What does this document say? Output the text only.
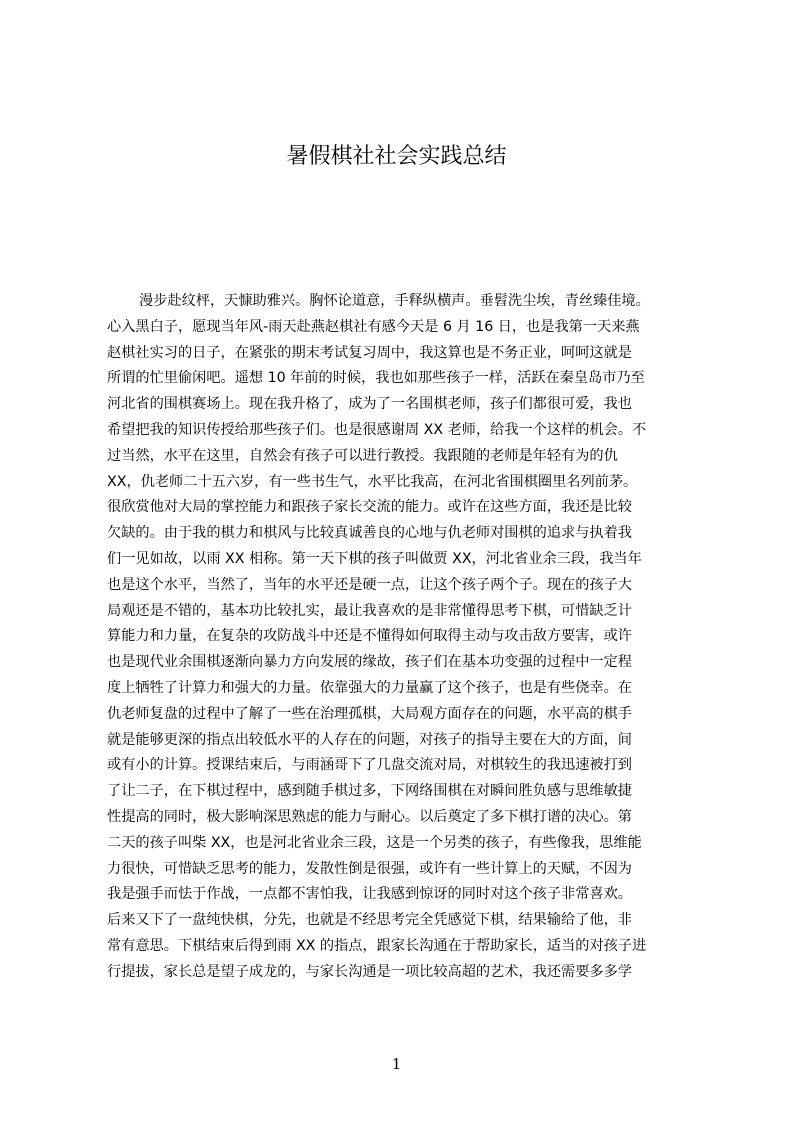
暑假棋社社会实践总结
漫步赴纹枰，天慷助雅兴。胸怀论道意，手释纵横声。垂髫洗尘埃，青丝臻佳境。
心入黑白子，愿现当年风-雨天赴燕赵棋社有感今天是 6 月 16 日，也是我第一天来燕
赵棋社实习的日子，在紧张的期末考试复习周中，我这算也是不务正业，呵呵这就是
所谓的忙里偷闲吧。遥想 10 年前的时候，我也如那些孩子一样，活跃在秦皇岛市乃至
河北省的围棋赛场上。现在我升格了，成为了一名围棋老师，孩子们都很可爱，我也
希望把我的知识传授给那些孩子们。也是很感谢周 XX 老师，给我一个这样的机会。不
过当然，水平在这里，自然会有孩子可以进行教授。我跟随的老师是年轻有为的仇
XX，仇老师二十五六岁，有一些书生气，水平比我高，在河北省围棋圈里名列前茅。
很欣赏他对大局的掌控能力和跟孩子家长交流的能力。或许在这些方面，我还是比较
欠缺的。由于我的棋力和棋风与比较真诚善良的心地与仇老师对围棋的追求与执着我
们一见如故，以雨 XX 相称。第一天下棋的孩子叫做贾 XX，河北省业余三段，我当年
也是这个水平，当然了，当年的水平还是硬一点，让这个孩子两个子。现在的孩子大
局观还是不错的，基本功比较扎实，最让我喜欢的是非常懂得思考下棋，可惜缺乏计
算能力和力量，在复杂的攻防战斗中还是不懂得如何取得主动与攻击敌方要害，或许
也是现代业余围棋逐渐向暴力方向发展的缘故，孩子们在基本功变强的过程中一定程
度上牺牲了计算力和强大的力量。依靠强大的力量赢了这个孩子，也是有些侥幸。在
仇老师复盘的过程中了解了一些在治理孤棋，大局观方面存在的问题，水平高的棋手
就是能够更深的指点出较低水平的人存在的问题，对孩子的指导主要在大的方面，间
或有小的计算。授课结束后，与雨涵哥下了几盘交流对局，对棋较生的我迅速被打到
了让二子，在下棋过程中，感到随手棋过多，下网络围棋在对瞬间胜负感与思维敏捷
性提高的同时，极大影响深思熟虑的能力与耐心。以后奠定了多下棋打谱的决心。第
二天的孩子叫柴 XX，也是河北省业余三段，这是一个另类的孩子，有些像我，思维能
力很快，可惜缺乏思考的能力，发散性倒是很强，或许有一些计算上的天赋，不因为
我是强手而怯于作战，一点都不害怕我，让我感到惊讶的同时对这个孩子非常喜欢。
后来又下了一盘纯快棋，分先，也就是不经思考完全凭感觉下棋，结果输给了他，非
常有意思。下棋结束后得到雨 XX 的指点，跟家长沟通在于帮助家长，适当的对孩子进
行提拔，家长总是望子成龙的，与家长沟通是一项比较高超的艺术，我还需要多多学
1
